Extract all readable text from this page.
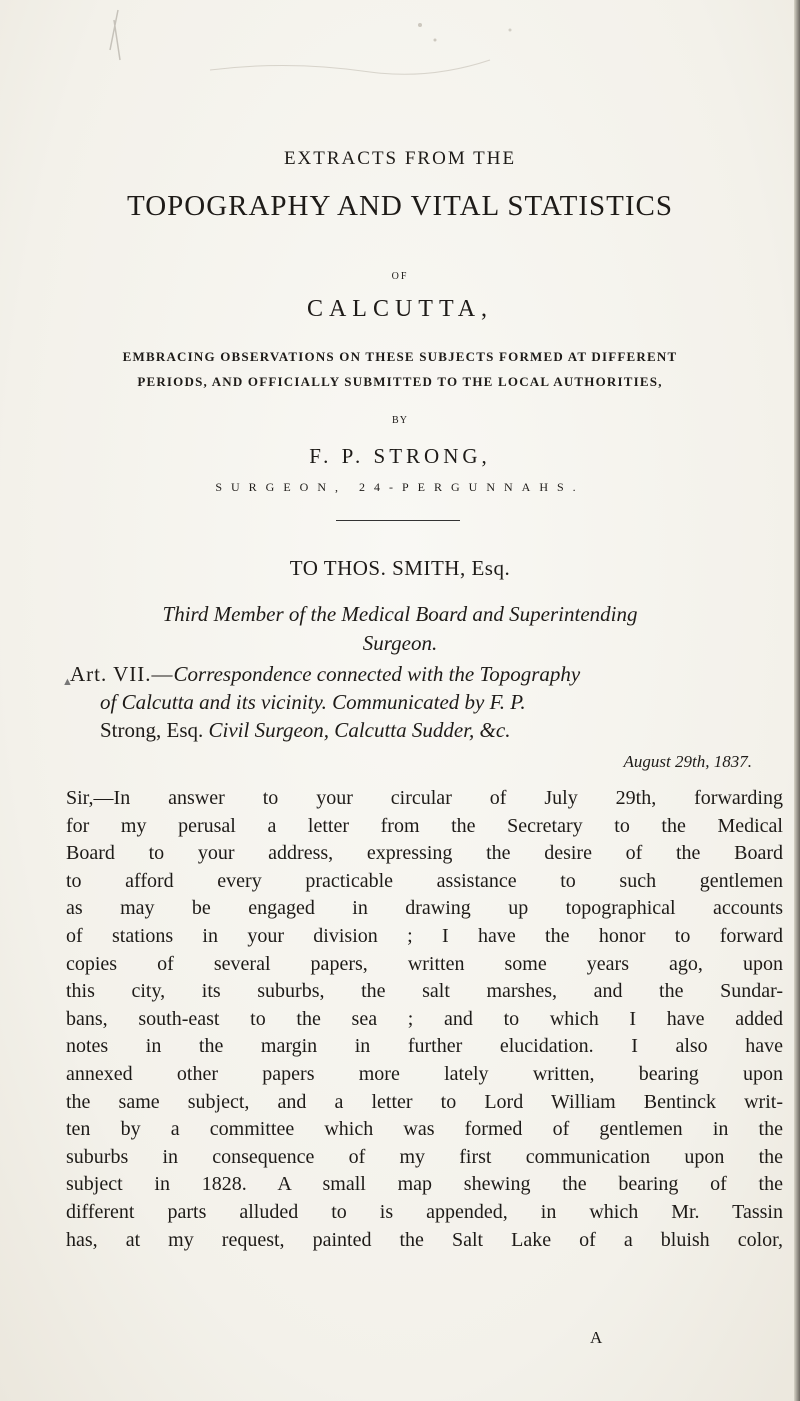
EXTRACTS FROM THE
TOPOGRAPHY AND VITAL STATISTICS
OF
CALCUTTA,
EMBRACING OBSERVATIONS ON THESE SUBJECTS FORMED AT DIFFERENT
PERIODS, AND OFFICIALLY SUBMITTED TO THE LOCAL AUTHORITIES,
BY
F. P. STRONG,
SURGEON, 24-PERGUNNAHS.
TO THOS. SMITH, Esq.
Third Member of the Medical Board and Superintending
Surgeon.
▲
Art. VII.—Correspondence connected with the Topography
of Calcutta and its vicinity. Communicated by F. P.
Strong, Esq. Civil Surgeon, Calcutta Sudder, &c.
August 29th, 1837.
Sir,—In answer to your circular of July 29th, forwarding
for my perusal a letter from the Secretary to the Medical
Board to your address, expressing the desire of the Board
to afford every practicable assistance to such gentlemen
as may be engaged in drawing up topographical accounts
of stations in your division ; I have the honor to forward
copies of several papers, written some years ago, upon
this city, its suburbs, the salt marshes, and the Sundar-
bans, south-east to the sea ; and to which I have added
notes in the margin in further elucidation. I also have
annexed other papers more lately written, bearing upon
the same subject, and a letter to Lord William Bentinck writ-
ten by a committee which was formed of gentlemen in the
suburbs in consequence of my first communication upon the
subject in 1828. A small map shewing the bearing of the
different parts alluded to is appended, in which Mr. Tassin
has, at my request, painted the Salt Lake of a bluish color,
A
